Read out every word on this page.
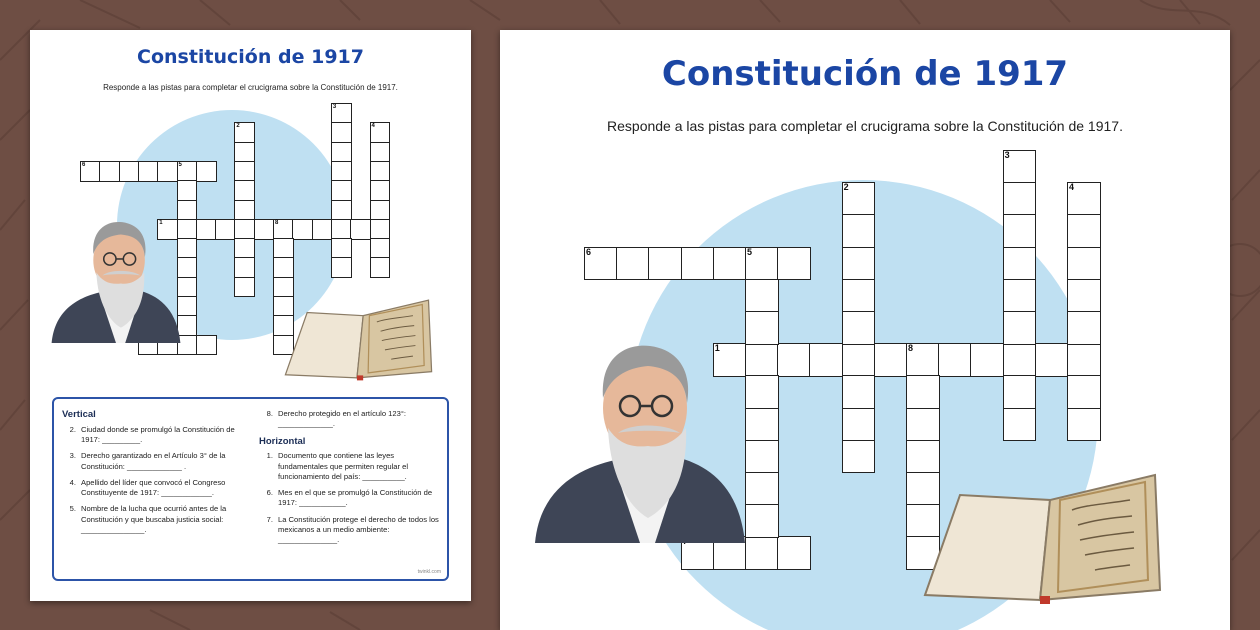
Constitución de 1917

Responde a las pistas para completar el crucigrama sobre la Constitución de 1917.

1	8
6	5
2
3
4
Vertical
2. Ciudad donde se promulgó la Constitución de 1917: _________.
3. Derecho garantizado en el Artículo 3° de la Constitución: _____________ .
4. Apellido del líder que convocó el Congreso Constituyente de 1917: ____________.
5. Nombre de la lucha que ocurrió antes de la Constitución y que buscaba justicia social: _______________.
8. Derecho protegido en el artículo 123°: _____________.
Horizontal
1. Documento que contiene las leyes fundamentales que permiten regular el funcionamiento del país: __________.
6. Mes en el que se promulgó la Constitución de 1917: ___________.
7. La Constitución protege el derecho de todos los mexicanos a un medio ambiente: ______________.
twinkl.com
Constitución de 1917

Responde a las pistas para completar el crucigrama sobre la Constitución de 1917.

1	8
6	5
2
3
4
